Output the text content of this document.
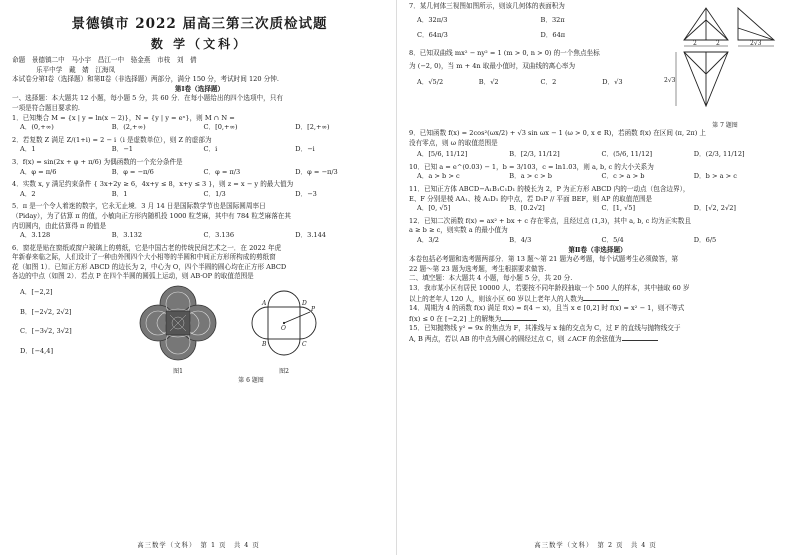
景德镇市 2022 届高三第三次质检试题
数 学（文科）
命题　景德镇二中　马小宇　昌江一中　骆金燕　市枝　刘　倩
乐平中学　戴　婧　江海凤
本试卷分第Ⅰ卷（选择题）和第Ⅱ卷（非选择题）两部分，满分 150 分，考试时间 120 分钟.
第Ⅰ卷（选择题）
一、选择题：本大题共 12 小题，每小题 5 分，共 60 分．在每小题给出的四个选项中，只有
一项是符合题目要求的.
1．已知集合 M = {x | y = ln(x − 2)}，N = {y | y = eˣ}，则 M ∩ N =
A．(0,+∞)	B．(2,+∞)	C．[0,+∞)	D．[2,+∞)
2．若复数 Z 满足 Z/(1+i) = 2 − i（i 是虚数单位），则 Z 的虚部为
A．1	B．−1	C．i	D．−i
3．f(x) = sin(2x + φ + π/6) 为偶函数的一个充分条件是
A．φ = π/6	B．φ = −π/6	C．φ = π/3	D．φ = −π/3
4．实数 x, y 满足约束条件 { 3x+2y ≥ 6，4x+y ≤ 8，x+y ≤ 3 }，则 z = x − y 的最大值为
A．2	B．1	C．1/3	D．−3
5．π 是一个令人着迷的数字，它永无止境．3 月 14 日是国际数学节也是国际圆周率日
（Piday），为了估算 π 的值，小敏向正方形内随机投 1000 粒芝麻，其中有 784 粒芝麻落在其
内切圆内，由此估算得 π 的值是
A．3.128	B．3.132	C．3.136	D．3.144
6．窗花是贴在窗纸或窗户玻璃上的剪纸，它是中国古老的传统民间艺术之一．在 2022 年虎
年新春来临之际，人们设计了一种由外围四个大小相等的半圆和中间正方形所构成的剪纸窗
花（如图 1）．已知正方形 ABCD 的边长为 2，中心为 O，四个半圆的圆心均在正方形 ABCD
各边的中点（如图 2）．若点 P 在四个半圆的圆弧上运动，则 AB·OP 的取值范围是
A．[−2,2]
B．[−2√2, 2√2]
C．[−3√2, 3√2]
D．[−4,4]
图1
A	D
B	C
O
P
图2
第 6 题图
高三数学（文科）　第 1 页　共 4 页
7．某几何体三视图如图所示，则该几何体的表面积为
A．32π/3	B．32π
C．64π/3	D．64π
8．已知双曲线 mx² − ny² = 1 (m > 0, n > 0) 的一个焦点坐标
为 (−2, 0)，当 m + 4n 取最小值时，双曲线的离心率为
A．√5/2	B．√2	C．2	D．√3
2	2	2√3
2√3
第 7 题图
9．已知函数 f(x) = 2cos²(ωx/2) + √3 sin ωx − 1 (ω > 0, x ∈ R)，若函数 f(x) 在区间 (π, 2π) 上
没有零点，则 ω 的取值范围是
A．[5/6, 11/12]	B．[2/3, 11/12]	C．(5/6, 11/12]	D．(2/3, 11/12]
10．已知 a = e^(0.03) − 1，b = 3/103，c = ln1.03，则 a, b, c 的大小关系为
A．a > b > c	B．a > c > b	C．c > a > b	D．b > a > c
11．已知正方体 ABCD−A₁B₁C₁D₁ 的棱长为 2，P 为正方形 ABCD 内的一动点（包含边界），
E、F 分别是棱 AA₁、棱 A₁D₁ 的中点，若 D₁P // 平面 BEF，则 AP 的取值范围是
A．[0, √5]	B．[0.2√2]	C．[1, √5]	D．[√2, 2√2]
12．已知二次函数 f(x) = ax² + bx + c 存在零点，且经过点 (1,3)，其中 a, b, c 均为正实数且
a ≥ b ≥ c，则实数 a 的最小值为
A．3/2	B．4/3	C．5/4	D．6/5
第Ⅱ卷（非选择题）
本卷包括必考题和选考题两部分．第 13 题～第 21 题为必考题，每个试题考生必须做答，第
22 题～第 23 题为选考题，考生根据要求做答.
二、填空题：本大题共 4 小题，每小题 5 分，共 20 分.
13．我市某小区有居民 10000 人，若要按不同年龄段抽取一个 500 人的样本，其中抽取 60 岁
以上的老年人 120 人，则该小区 60 岁以上老年人的人数为
14．周期为 4 的函数 f(x) 满足 f(x) = f(4 − x)，且当 x ∈ [0,2] 时 f(x) = x² − 1，则不等式
f(x) ≤ 0 在 [−2,2] 上的解集为
15．已知抛物线 y² = 9x 的焦点为 F，其准线与 x 轴的交点为 C，过 F 的直线与抛物线交于
A, B 两点，若以 AB 的中点为圆心的圆经过点 C，则 ∠ACF 的余弦值为
高三数学（文科）　第 2 页　共 4 页
